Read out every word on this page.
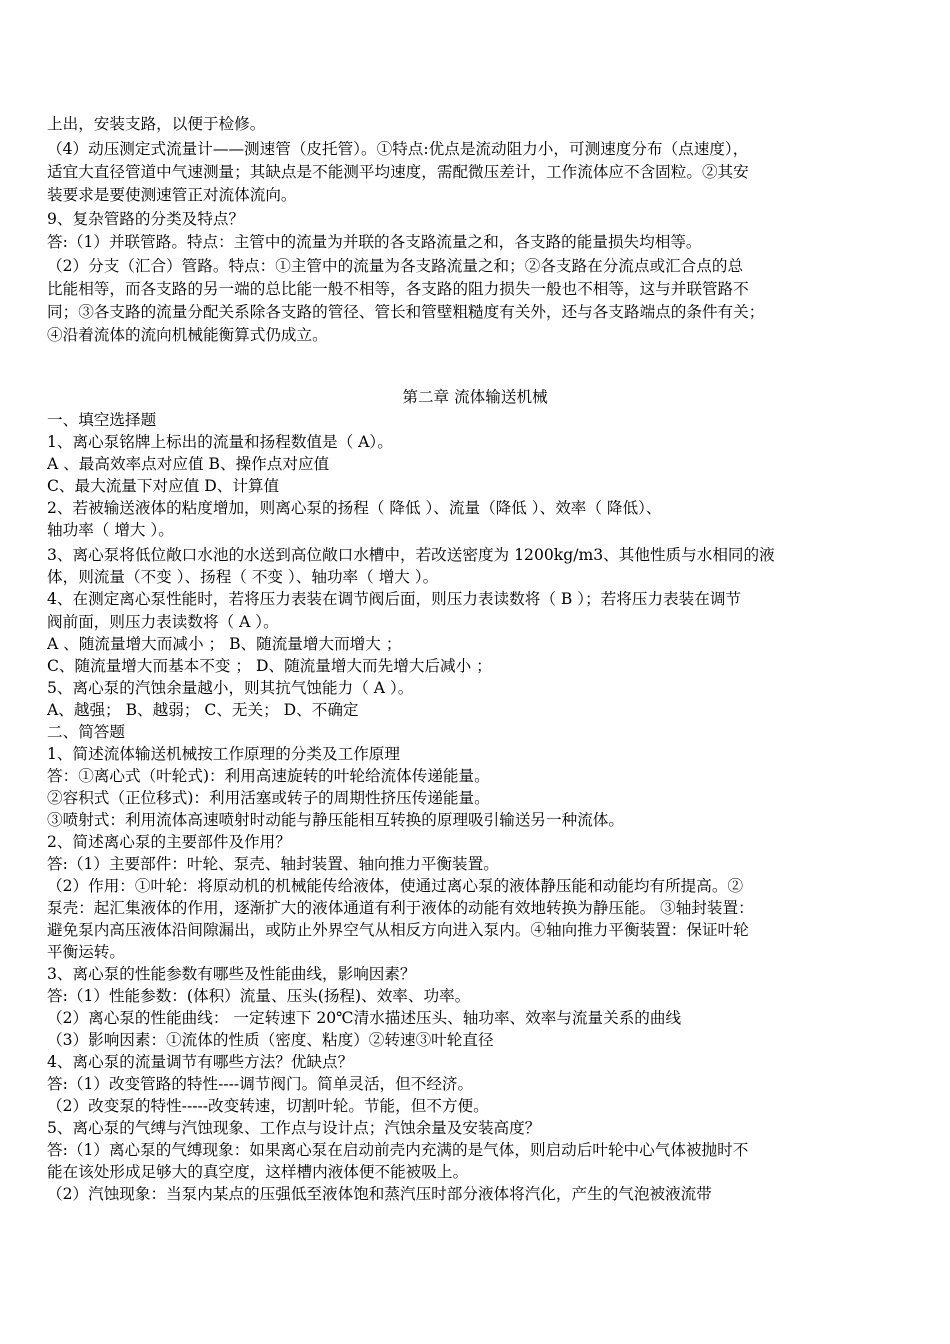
上出，安装支路，以便于检修。
（4）动压测定式流量计——测速管（皮托管）。①特点:优点是流动阻力小，可测速度分布（点速度），
适宜大直径管道中气速测量；其缺点是不能测平均速度，需配微压差计，工作流体应不含固粒。②其安
装要求是要使测速管正对流体流向。
9、复杂管路的分类及特点？
答:（1）并联管路。特点：主管中的流量为并联的各支路流量之和，各支路的能量损失均相等。
（2）分支（汇合）管路。特点：①主管中的流量为各支路流量之和；②各支路在分流点或汇合点的总
比能相等，而各支路的另一端的总比能一般不相等，各支路的阻力损失一般也不相等，这与并联管路不
同；③各支路的流量分配关系除各支路的管径、管长和管壁粗糙度有关外，还与各支路端点的条件有关；
④沿着流体的流向机械能衡算式仍成立。
第二章 流体输送机械
一、填空选择题
1、离心泵铭牌上标出的流量和扬程数值是（ A）。
A 、最高效率点对应值 B、操作点对应值
C、最大流量下对应值 D、计算值
2、若被输送液体的粘度增加，则离心泵的扬程（ 降低 ）、流量（降低 ）、效率（ 降低）、
轴功率（ 增大 ）。
3、离心泵将低位敞口水池的水送到高位敞口水槽中，若改送密度为 1200kg/m3、其他性质与水相同的液
体，则流量（不变 ）、扬程（ 不变 ）、轴功率（ 增大 ）。
4、在测定离心泵性能时，若将压力表装在调节阀后面，则压力表读数将（ B ）；若将压力表装在调节
阀前面，则压力表读数将（ A ）。
A 、随流量增大而减小 ； B、随流量增大而增大 ；
C、随流量增大而基本不变 ； D、随流量增大而先增大后减小 ；
5、离心泵的汽蚀余量越小，则其抗气蚀能力（ A ）。
A、越强； B、越弱； C、无关； D、不确定
二、简答题
1、简述流体输送机械按工作原理的分类及工作原理
答：①离心式（叶轮式)：利用高速旋转的叶轮给流体传递能量。
②容积式（正位移式)：利用活塞或转子的周期性挤压传递能量。
③喷射式：利用流体高速喷射时动能与静压能相互转换的原理吸引输送另一种流体。
2、简述离心泵的主要部件及作用？
答:（1）主要部件：叶轮、泵壳、轴封装置、轴向推力平衡装置。
（2）作用：①叶轮：将原动机的机械能传给液体，使通过离心泵的液体静压能和动能均有所提高。②
泵壳：起汇集液体的作用，逐渐扩大的液体通道有利于液体的动能有效地转换为静压能。 ③轴封装置：
避免泵内高压液体沿间隙漏出，或防止外界空气从相反方向进入泵内。④轴向推力平衡装置：保证叶轮
平衡运转。
3、离心泵的性能参数有哪些及性能曲线，影响因素？
答:（1）性能参数：(体积）流量、压头(扬程)、效率、功率。
（2）离心泵的性能曲线： 一定转速下 20℃清水描述压头、轴功率、效率与流量关系的曲线
（3）影响因素：①流体的性质（密度、粘度）②转速③叶轮直径
4、离心泵的流量调节有哪些方法？优缺点？
答:（1）改变管路的特性----调节阀门。简单灵活，但不经济。
（2）改变泵的特性-----改变转速，切割叶轮。节能，但不方便。
5、离心泵的气缚与汽蚀现象、工作点与设计点；汽蚀余量及安装高度？
答:（1）离心泵的气缚现象：如果离心泵在启动前壳内充满的是气体，则启动后叶轮中心气体被抛时不
能在该处形成足够大的真空度，这样槽内液体便不能被吸上。
（2）汽蚀现象：当泵内某点的压强低至液体饱和蒸汽压时部分液体将汽化，产生的气泡被液流带
